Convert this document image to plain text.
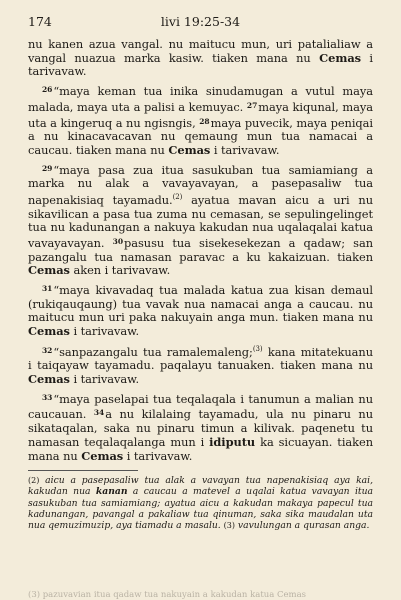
174	livi 19:25-34

nu kanen azua vangal. nu maitucu mun, uri patalialiaw a vangal nuazua marka kasiw. tiaken mana nu Cemas i tarivavaw.

$^{26}$“maya keman tua inika sinudamugan a vutul maya malada, maya uta a palisi a kemuyac. $^{27}$maya kiqunal, maya uta a kingeruq a nu ngisngis, $^{28}$maya puvecik, maya peniqai a nu kinacavacavan nu qemaung mun tua namacai a caucau. tiaken mana nu Cemas i tarivavaw.

$^{29}$“maya pasa zua itua sasukuban tua samiamiang a marka nu alak a vavayavayan, a pasepasaliw tua napenakisiaq tayamadu.$^{(2)}$ ayatua mavan aicu a uri nu sikavilican a pasa tua zuma nu cemasan, se sepulingelinget tua nu kadunangan a nakuya kakudan nua uqalaqalai katua vavayavayan. $^{30}$pasusu tua sisekesekezan a qadaw; san pazangalu tua namasan paravac a ku kakaizuan. tiaken Cemas aken i tarivavaw.

$^{31}$“maya kivavadaq tua malada katua zua kisan demaul (rukiqauqaung) tua vavak nua namacai anga a caucau. nu maitucu mun uri paka nakuyain anga mun. tiaken mana nu Cemas i tarivavaw.

$^{32}$“sanpazangalu tua ramalemaleng;$^{(3)}$ kana mitatekuanu i taiqayaw tayamadu. paqalayu tanuaken. tiaken mana nu Cemas i tarivavaw.

$^{33}$“maya paselapai tua teqalaqala i tanumun a malian nu caucauan. $^{34}$a nu kilalaing tayamadu, ula nu pinaru nu sikataqalan, saka nu pinaru timun a kilivak. paqenetu tu namasan teqalaqalanga mun i idiputu ka sicuayan. tiaken mana nu Cemas i tarivavaw.

(2) aicu a pasepasaliw tua alak a vavayan tua napenakisiaq aya kai, kakudan nua kanan a caucau a matevel a uqalai katua vavayan itua sasukuban tua samiamiang; ayatua aicu a kakudan makaya papecul tua kadunangan, pavangal a pakaliaw tua qinuman, saka sika maudalan uta nua qemuzimuzip, aya tiamadu a masalu. (3) vavulungan a qurasan anga.
(3) pazuvavian itua qadaw tua nakuyain a kakudan katua Cemas
